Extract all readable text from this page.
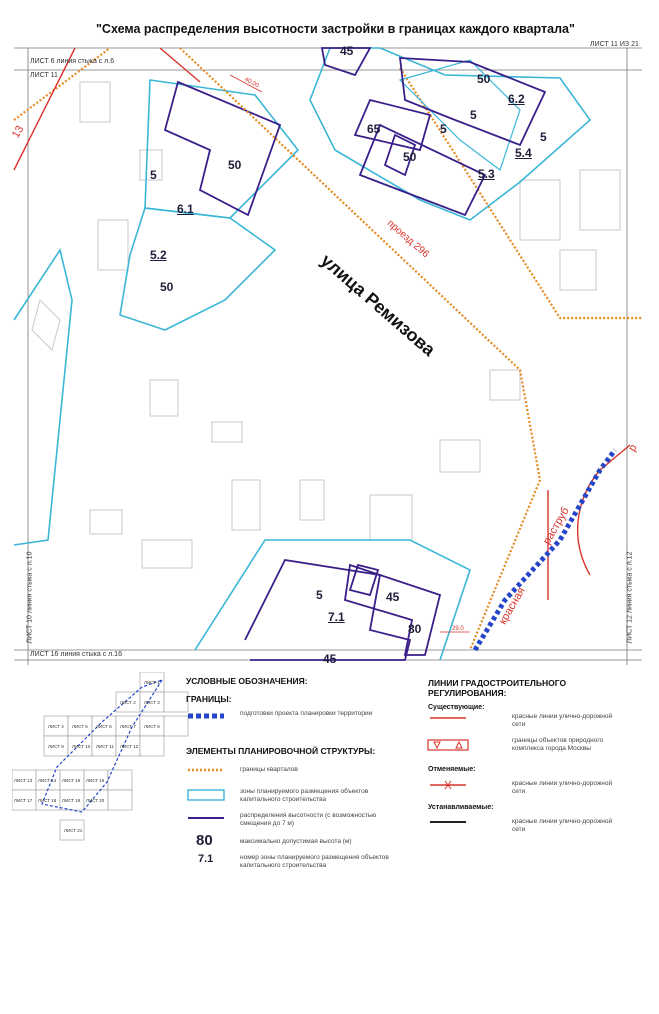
"Схема распределения высотности застройки в границах каждого квартала"
ЛИСТ 11 ИЗ 21
ЛИСТ 6 линия стыка с л.6
ЛИСТ 11
ЛИСТ 16 линия стыка с л.16
ЛИСТ 10 линия стыка с л.10	ЛИСТ 12 линия стыка с л.12
улица Ремизова
проезд 296
13
р
красная
раструб
40.00
29.0
45
50
5
65	5
5
50
50
5
6.2
5.4
5.3
6.1
5.2
50
5
7.1
45
80
45
ЛИСТ 1
ЛИСТ 2 ЛИСТ 3
ЛИСТ 4 ЛИСТ 5 ЛИСТ 6 ЛИСТ 7 ЛИСТ 8
ЛИСТ 9 ЛИСТ 10 ЛИСТ 11 ЛИСТ 12
ЛИСТ 13 ЛИСТ 14 ЛИСТ 15 ЛИСТ 16
ЛИСТ 17 ЛИСТ 18 ЛИСТ 19 ЛИСТ 20
ЛИСТ 21
УСЛОВНЫЕ ОБОЗНАЧЕНИЯ:
ГРАНИЦЫ:
подготовки проекта планировки территории
ЭЛЕМЕНТЫ ПЛАНИРОВОЧНОЙ СТРУКТУРЫ:
границы кварталов
зоны планируемого размещения объектов капитального строительства
распределения высотности (с возможностью смещения до 7 м)
80	максимально допустимая высота (м)
7.1	номер зоны планируемого размещения объектов капитального строительства
ЛИНИИ ГРАДОСТРОИТЕЛЬНОГО РЕГУЛИРОВАНИЯ:
Существующие:
красные линии улично-дорожной сети
границы объектов природного комплекса города Москвы
Отменяемые:
красные линии улично-дорожной сети
Устанавливаемые:
красные линии улично-дорожной сети
